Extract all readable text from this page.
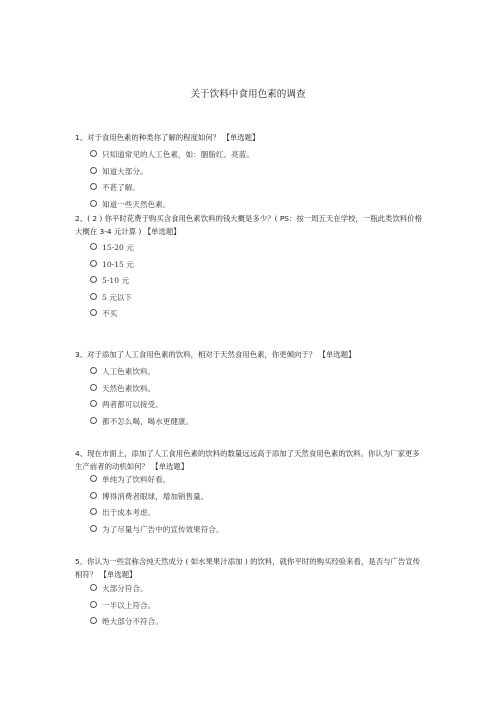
关于饮料中食用色素的调查
1、对于食用色素的种类你了解的程度如何？ 【单选题】
只知道常见的人工色素，如：胭脂红、亮蓝。
知道大部分。
不甚了解。
知道一些天然色素。
2、( 2 ) 你平时花费于购买含食用色素饮料的钱大概是多少？( PS：按一周五天在学校，一瓶此类饮料价格大概在 3-4 元计算 ) 【单选题】
15-20 元
10-15 元
5-10 元
5 元以下
不买
3、对于添加了人工食用色素的饮料，相对于天然食用色素，你更倾向于？ 【单选题】
人工色素饮料。
天然色素饮料。
两者都可以接受。
都不怎么喝，喝水更健康。
4、现在市面上，添加了人工食用色素的饮料的数量远远高于添加了天然食用色素的饮料。你认为厂家更多生产前者的动机如何？ 【单选题】
单纯为了饮料好看。
博得消费者眼球，增加销售量。
出于成本考虑。
为了尽量与广告中的宣传效果符合。
5、你认为一些宣称含纯天然成分 ( 如水果果汁添加 ) 的饮料，就你平时的购买经验来看，是否与广告宣传相符？ 【单选题】
大部分符合。
一半以上符合。
绝大部分不符合。
